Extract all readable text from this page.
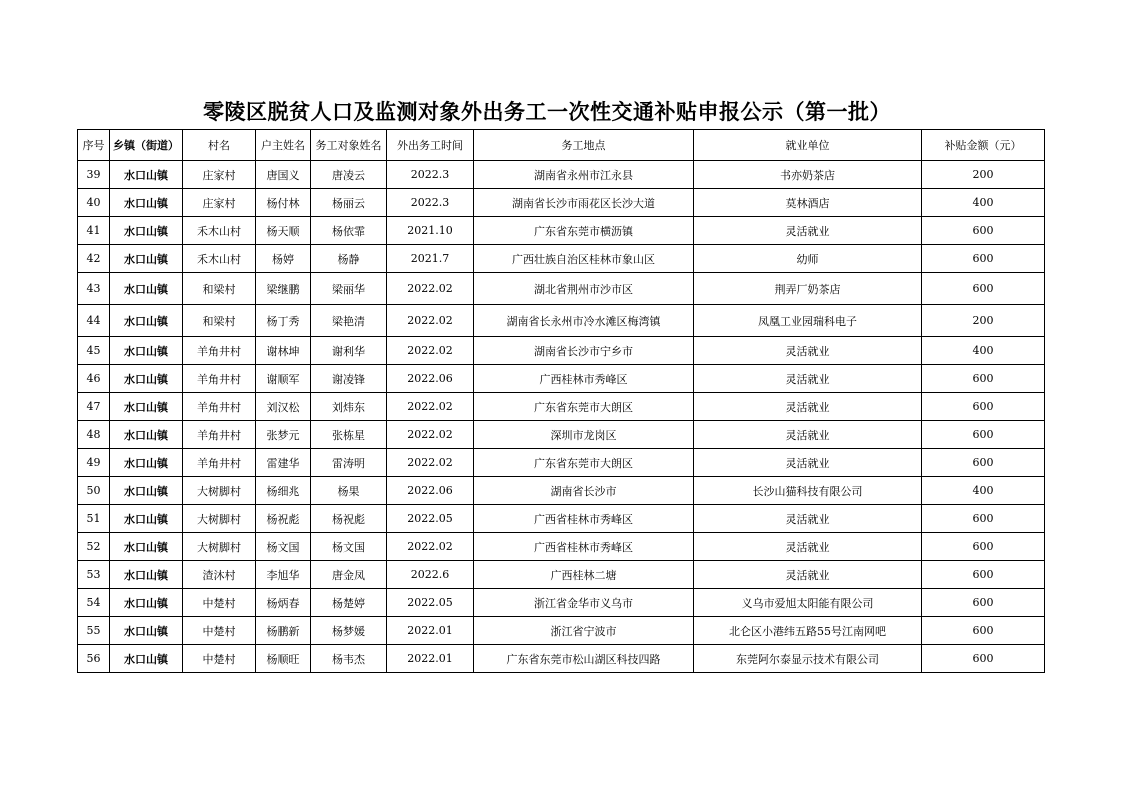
零陵区脱贫人口及监测对象外出务工一次性交通补贴申报公示（第一批）
序号	乡镇（街道）	村名	户主姓名	务工对象姓名	外出务工时间	务工地点	就业单位	补贴金额（元）
39	水口山镇	庄家村	唐国义	唐凌云	2022.3	湖南省永州市江永县	书亦奶茶店	200
40	水口山镇	庄家村	杨付林	杨丽云	2022.3	湖南省长沙市雨花区长沙大道	莫林酒店	400
41	水口山镇	禾木山村	杨天顺	杨依霏	2021.10	广东省东莞市横沥镇	灵活就业	600
42	水口山镇	禾木山村	杨婷	杨静	2021.7	广西壮族自治区桂林市象山区	幼师	600
43	水口山镇	和梁村	梁继鹏	梁丽华	2022.02	湖北省荆州市沙市区	荆弄厂奶茶店	600
44	水口山镇	和梁村	杨丁秀	梁艳清	2022.02	湖南省长永州市冷水滩区梅湾镇	凤凰工业园瑞科电子	200
45	水口山镇	羊角井村	谢林坤	谢利华	2022.02	湖南省长沙市宁乡市	灵活就业	400
46	水口山镇	羊角井村	谢顺军	谢凌锋	2022.06	广西桂林市秀峰区	灵活就业	600
47	水口山镇	羊角井村	刘汉松	刘炜东	2022.02	广东省东莞市大朗区	灵活就业	600
48	水口山镇	羊角井村	张梦元	张栋星	2022.02	深圳市龙岗区	灵活就业	600
49	水口山镇	羊角井村	雷建华	雷涛明	2022.02	广东省东莞市大朗区	灵活就业	600
50	水口山镇	大树脚村	杨细兆	杨果	2022.06	湖南省长沙市	长沙山猫科技有限公司	400
51	水口山镇	大树脚村	杨祝彪	杨祝彪	2022.05	广西省桂林市秀峰区	灵活就业	600
52	水口山镇	大树脚村	杨文国	杨文国	2022.02	广西省桂林市秀峰区	灵活就业	600
53	水口山镇	渣沐村	李旭华	唐金凤	2022.6	广西桂林二塘	灵活就业	600
54	水口山镇	中楚村	杨炳春	杨楚婷	2022.05	浙江省金华市义乌市	义乌市爱旭太阳能有限公司	600
55	水口山镇	中楚村	杨鹏新	杨梦媛	2022.01	浙江省宁波市	北仑区小港纬五路55号江南网吧	600
56	水口山镇	中楚村	杨顺旺	杨韦杰	2022.01	广东省东莞市松山湖区科技四路	东莞阿尔泰显示技术有限公司	600
